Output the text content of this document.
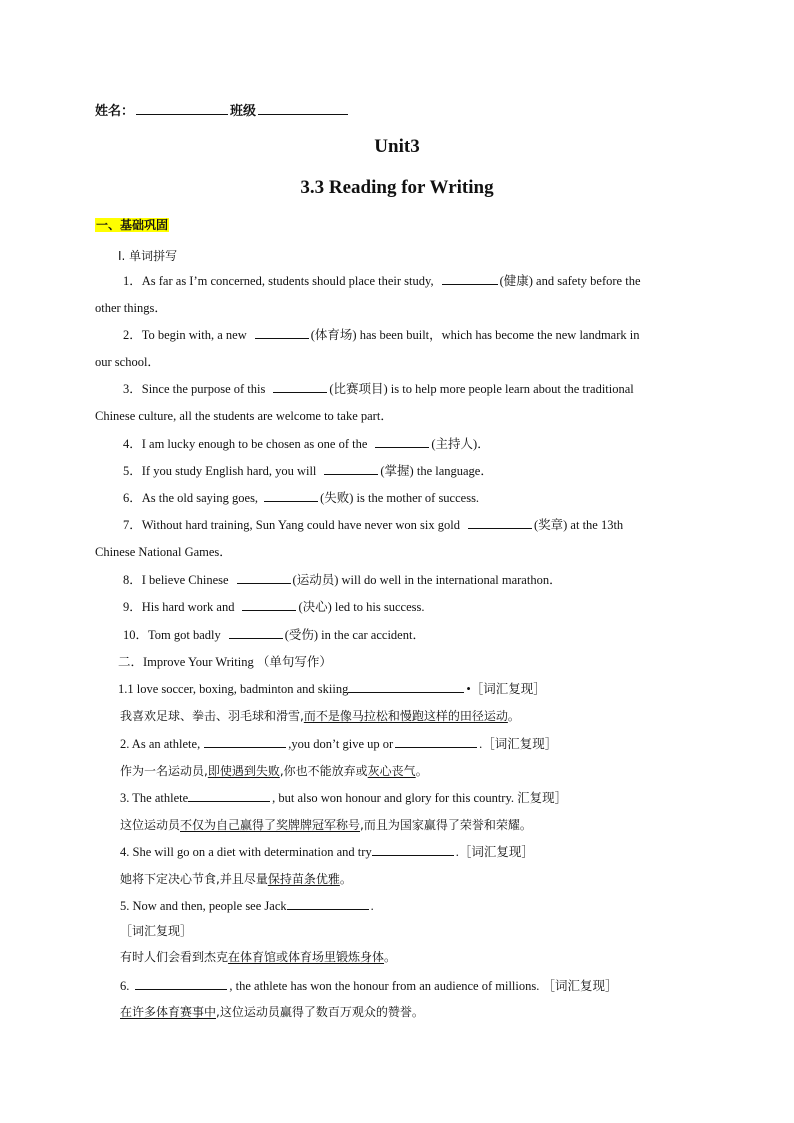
姓名：	班级
Unit3
3.3 Reading for Writing
一、基础巩固
I. 单词拼写
1．As far as I’m concerned, students should place their study,	(健康) and safety before the
other things．
2．To begin with, a new	(体育场) has been built，which has become the new landmark in
our school．
3．Since the purpose of this	(比赛项目) is to help more people learn about the traditional
Chinese culture, all the students are welcome to take part．
4．I am lucky enough to be chosen as one of the	(主持人)．
5．If you study English hard, you will	(掌握) the language．
6．As the old saying goes,	(失败) is the mother of success.
7．Without hard training, Sun Yang could have never won six gold	(奖章) at the 13th
Chinese National Games．
8．I believe Chinese	(运动员) will do well in the international marathon．
9．His hard work and	(决心) led to his success.
10．Tom got badly	(受伤) in the car accident．
二．Improve Your Writing （单句写作）
1.1 love soccer, boxing, badminton and skiing	•［词汇复现］
我喜欢足球、拳击、羽毛球和滑雪,而不是像马拉松和慢跑这样的田径运动。
2. As an athlete,	,you don’t give up or	.［词汇复现］
作为一名运动员,即使遇到失败,你也不能放弃或灰心丧气。
3. The athlete	, but also won honour and glory for this country. 汇复现］
这位运动员不仅为自己赢得了奖牌牌冠军称号,而且为国家赢得了荣誉和荣耀。
4. She will go on a diet with determination and try	.［词汇复现］
她将下定决心节食,并且尽量保持苗条优雅。
5. Now and then, people see Jack	.
［词汇复现］
有时人们会看到杰克在体育馆或体育场里锻炼身体。
6.	, the athlete has won the honour from an audience of millions. ［词汇复现］
在许多体育赛事中,这位运动员赢得了数百万观众的赞誉。
